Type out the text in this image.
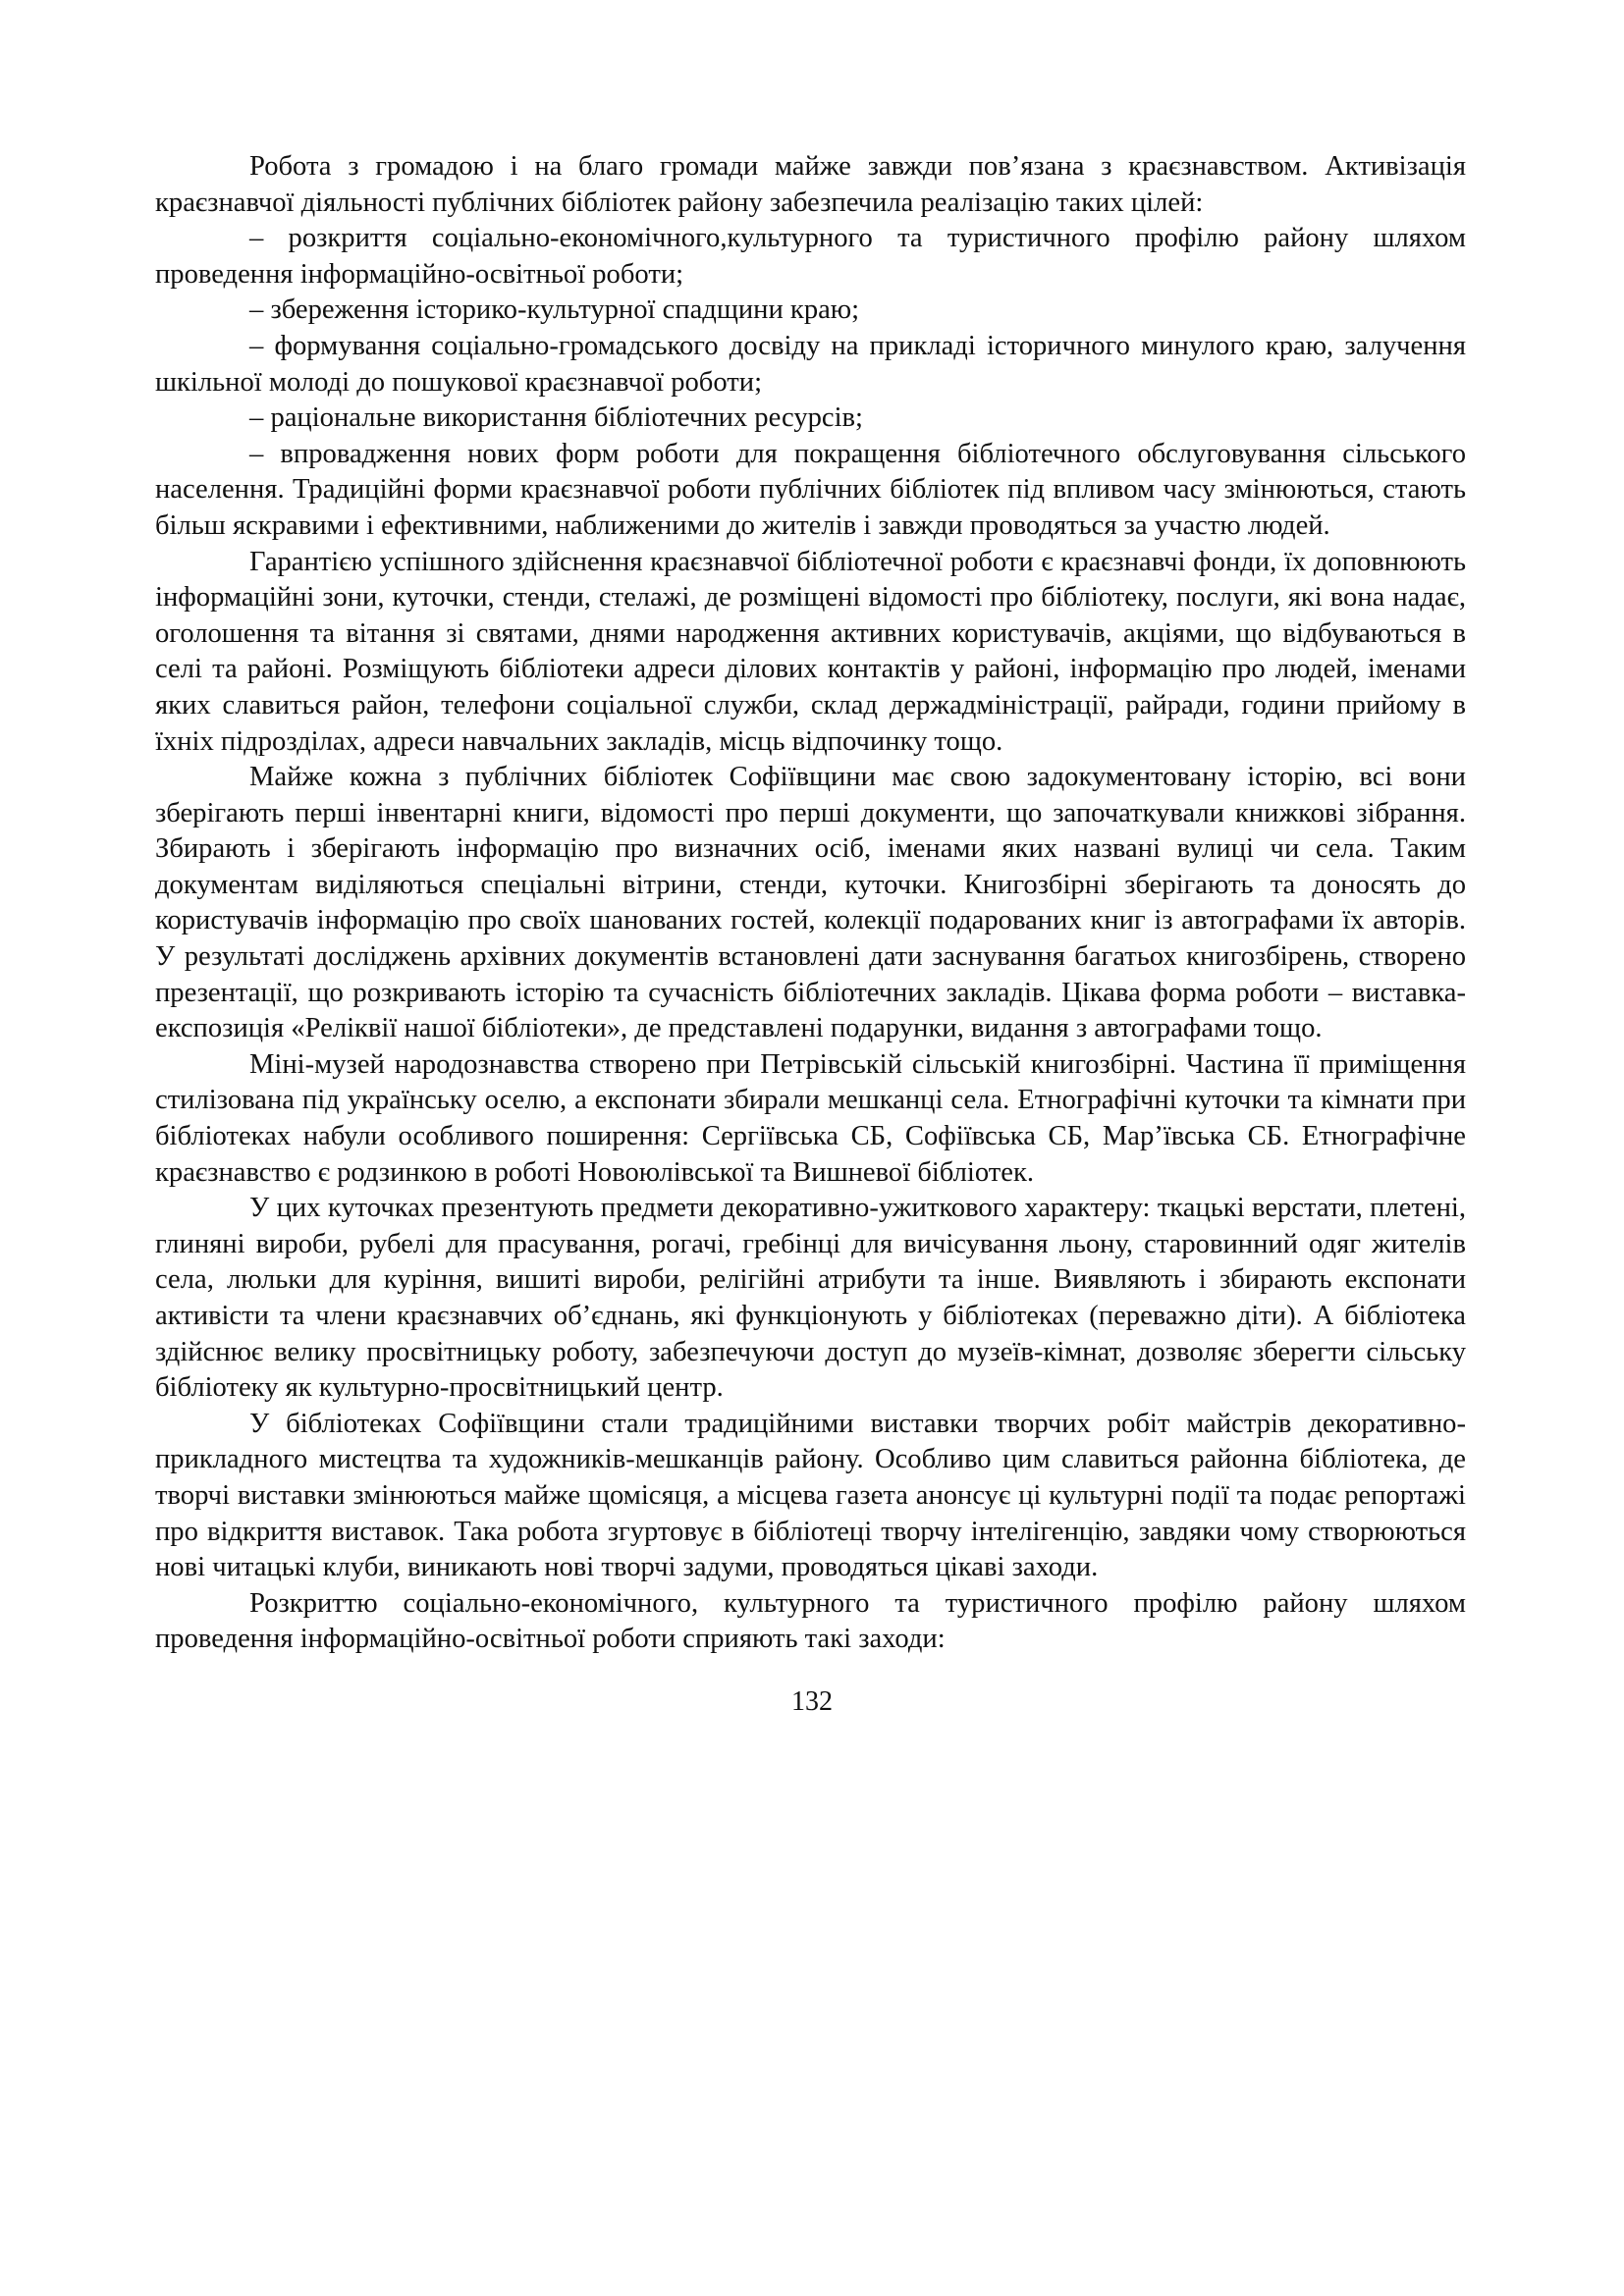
Робота з громадою і на благо громади майже завжди пов’язана з краєзнавством. Активізація краєзнавчої діяльності публічних бібліотек району забезпечила реалізацію таких цілей:

– розкриття соціально-економічного,культурного та туристичного профілю району шляхом проведення інформаційно-освітньої роботи;

– збереження історико-культурної спадщини краю;

– формування соціально-громадського досвіду на прикладі історичного минулого краю, залучення шкільної молоді до пошукової краєзнавчої роботи;

– раціональне використання бібліотечних ресурсів;

– впровадження нових форм роботи для покращення бібліотечного обслуговування сільського населення. Традиційні форми краєзнавчої роботи публічних бібліотек під впливом часу змінюються, стають більш яскравими і ефективними, наближеними до жителів і завжди проводяться за участю людей.

Гарантією успішного здійснення краєзнавчої бібліотечної роботи є краєзнавчі фонди, їх доповнюють інформаційні зони, куточки, стенди, стелажі, де розміщені відомості про бібліотеку, послуги, які вона надає, оголошення та вітання зі святами, днями народження активних користувачів, акціями, що відбуваються в селі та районі. Розміщують бібліотеки адреси ділових контактів у районі, інформацію про людей, іменами яких славиться район, телефони соціальної служби, склад держадміністрації, райради, години прийому в їхніх підрозділах, адреси навчальних закладів, місць відпочинку тощо.

Майже кожна з публічних бібліотек Софіївщини має свою задокументовану історію, всі вони зберігають перші інвентарні книги, відомості про перші документи, що започаткували книжкові зібрання. Збирають і зберігають інформацію про визначних осіб, іменами яких названі вулиці чи села. Таким документам виділяються спеціальні вітрини, стенди, куточки. Книгозбірні зберігають та доносять до користувачів інформацію про своїх шанованих гостей, колекції подарованих книг із автографами їх авторів. У результаті досліджень архівних документів встановлені дати заснування багатьох книгозбірень, створено презентації, що розкривають історію та сучасність бібліотечних закладів. Цікава форма роботи – виставка-експозиція «Реліквії нашої бібліотеки», де представлені подарунки, видання з автографами тощо.

Міні-музей народознавства створено при Петрівській сільській книгозбірні. Частина її приміщення стилізована під українську оселю, а експонати збирали мешканці села. Етнографічні куточки та кімнати при бібліотеках набули особливого поширення: Сергіївська СБ, Софіївська СБ, Мар’ївська СБ. Етнографічне краєзнавство є родзинкою в роботі Новоюлівської та Вишневої бібліотек.

У цих куточках презентують предмети декоративно-ужиткового характеру: ткацькі верстати, плетені, глиняні вироби, рубелі для прасування, рогачі, гребінці для вичісування льону, старовинний одяг жителів села, люльки для куріння, вишиті вироби, релігійні атрибути та інше. Виявляють і збирають експонати активісти та члени краєзнавчих об’єднань, які функціонують у бібліотеках (переважно діти). А бібліотека здійснює велику просвітницьку роботу, забезпечуючи доступ до музеїв-кімнат, дозволяє зберегти сільську бібліотеку як культурно-просвітницький центр.

У бібліотеках Софіївщини стали традиційними виставки творчих робіт майстрів декоративно-прикладного мистецтва та художників-мешканців району. Особливо цим славиться районна бібліотека, де творчі виставки змінюються майже щомісяця, а місцева газета анонсує ці культурні події та подає репортажі про відкриття виставок. Така робота згуртовує в бібліотеці творчу інтелігенцію, завдяки чому створюються нові читацькі клуби, виникають нові творчі задуми, проводяться цікаві заходи.

Розкриттю соціально-економічного, культурного та туристичного профілю району шляхом проведення інформаційно-освітньої роботи сприяють такі заходи:

132
